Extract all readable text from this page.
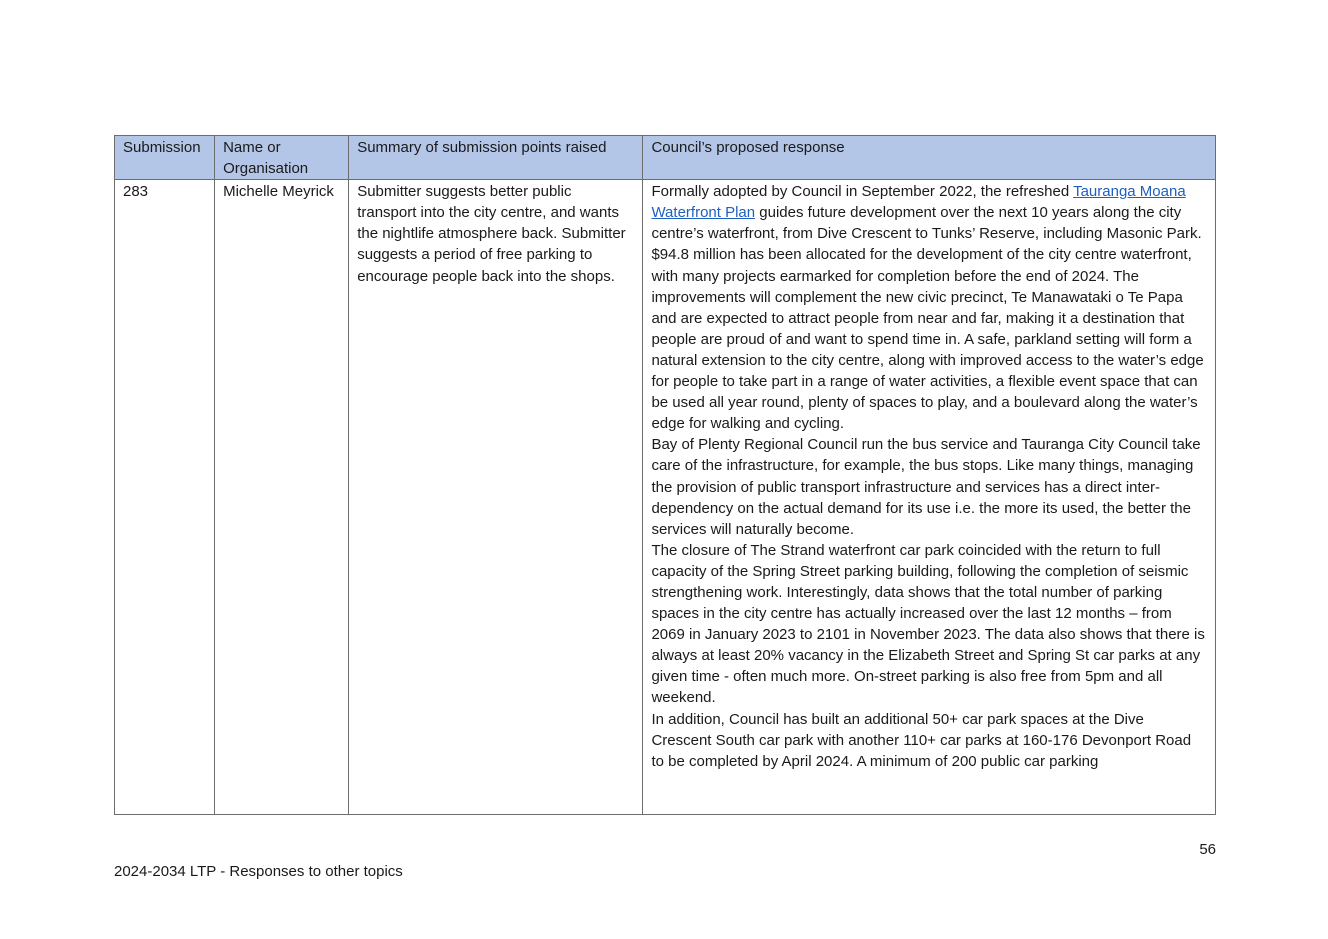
Submission	Name or Organisation	Summary of submission points raised	Council’s proposed response
283	Michelle Meyrick	Submitter suggests better public transport into the city centre, and wants the nightlife atmosphere back. Submitter suggests a period of free parking to encourage people back into the shops.	Formally adopted by Council in September 2022, the refreshed Tauranga Moana Waterfront Plan guides future development over the next 10 years along the city centre’s waterfront, from Dive Crescent to Tunks’ Reserve, including Masonic Park.

$94.8 million has been allocated for the development of the city centre waterfront, with many projects earmarked for completion before the end of 2024. The improvements will complement the new civic precinct, Te Manawataki o Te Papa and are expected to attract people from near and far, making it a destination that people are proud of and want to spend time in. A safe, parkland setting will form a natural extension to the city centre, along with improved access to the water’s edge for people to take part in a range of water activities, a flexible event space that can be used all year round, plenty of spaces to play, and a boulevard along the water’s edge for walking and cycling.

Bay of Plenty Regional Council run the bus service and Tauranga City Council take care of the infrastructure, for example, the bus stops. Like many things, managing the provision of public transport infrastructure and services has a direct inter-dependency on the actual demand for its use i.e. the more its used, the better the services will naturally become.

The closure of The Strand waterfront car park coincided with the return to full capacity of the Spring Street parking building, following the completion of seismic strengthening work. Interestingly, data shows that the total number of parking spaces in the city centre has actually increased over the last 12 months – from 2069 in January 2023 to 2101 in November 2023. The data also shows that there is always at least 20% vacancy in the Elizabeth Street and Spring St car parks at any given time - often much more. On-street parking is also free from 5pm and all weekend.

In addition, Council has built an additional 50+ car park spaces at the Dive Crescent South car park with another 110+ car parks at 160-176 Devonport Road to be completed by April 2024. A minimum of 200 public car parking

56
2024-2034 LTP - Responses to other topics
